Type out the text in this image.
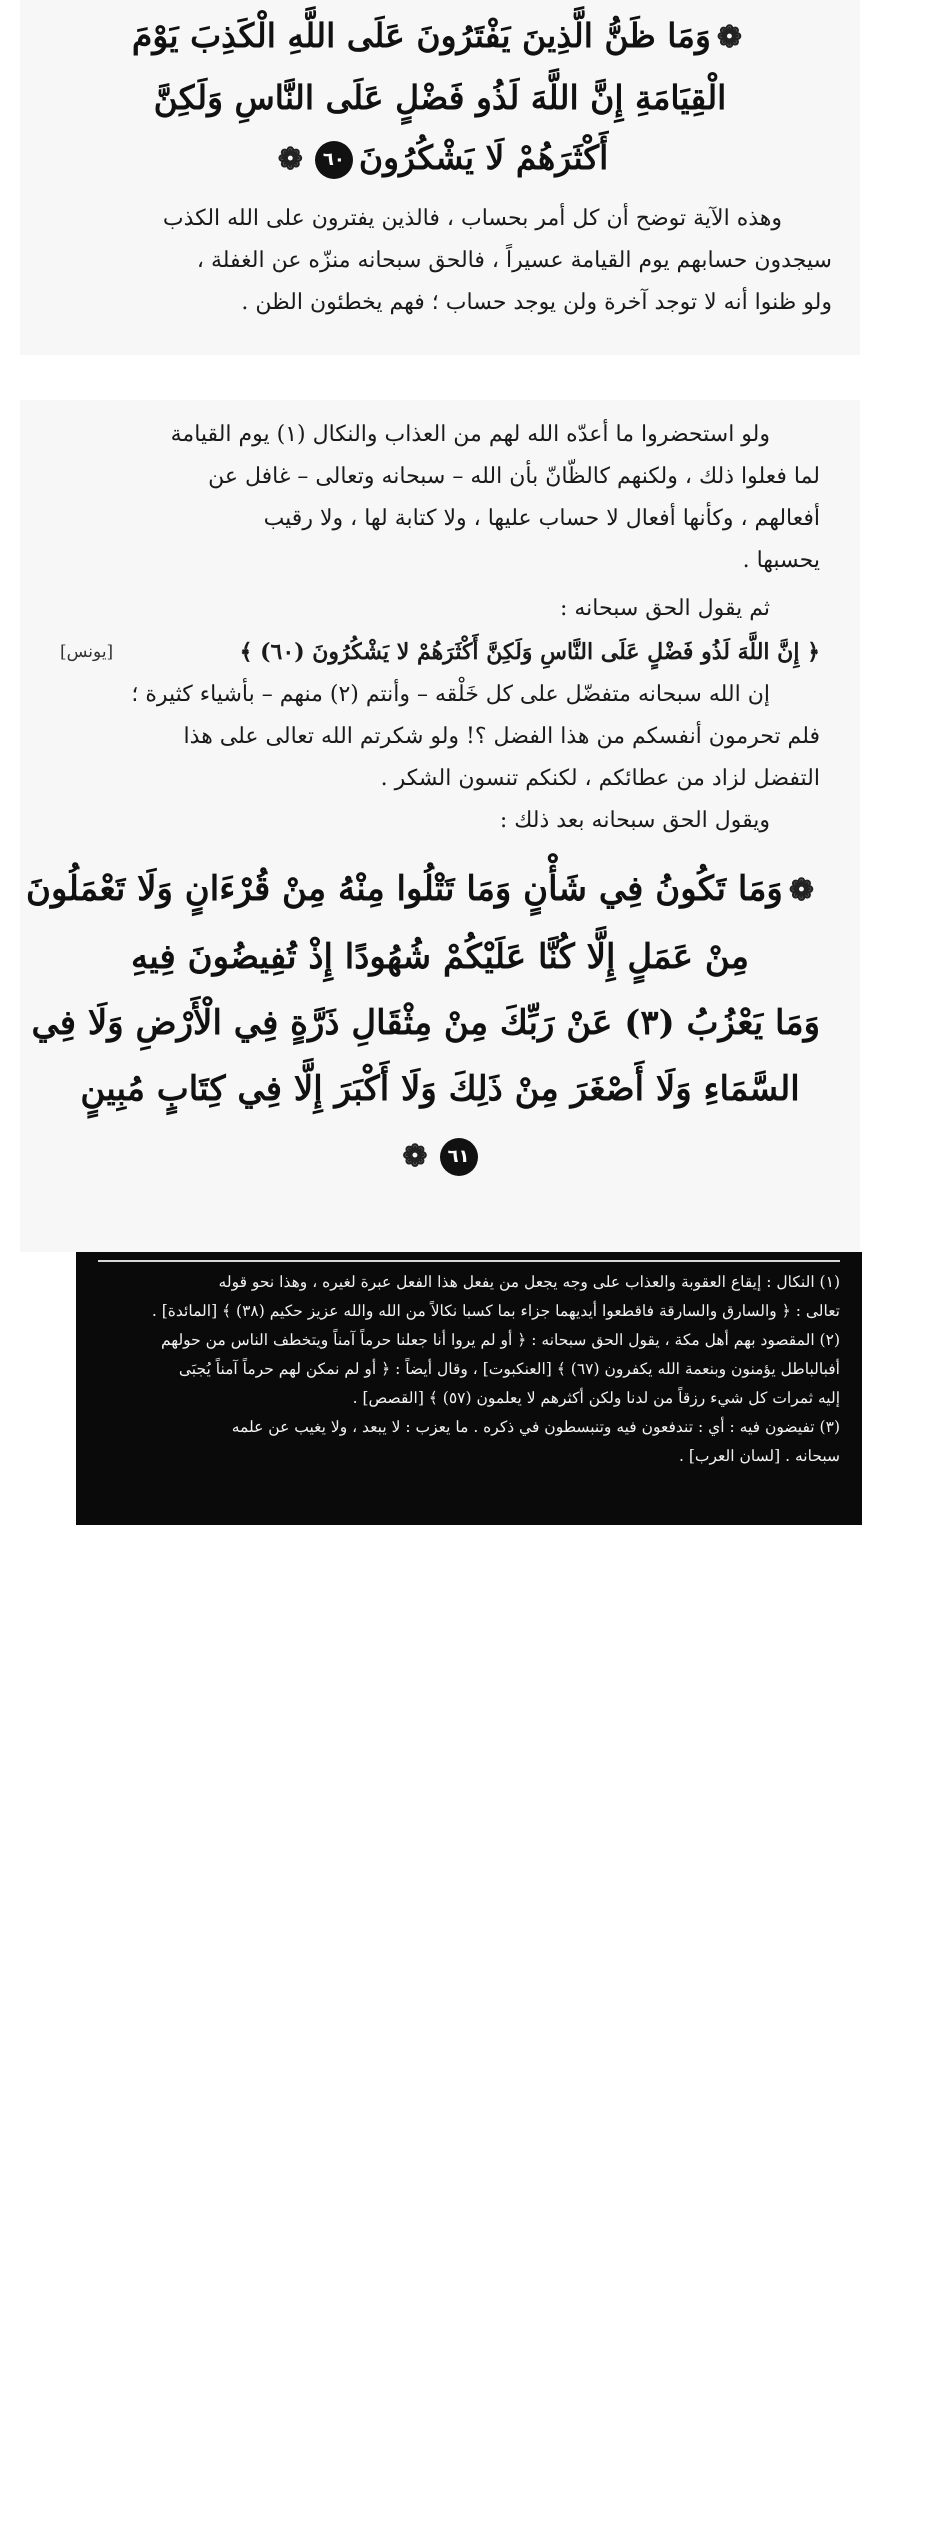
❁وَمَا ظَنُّ الَّذِينَ يَفْتَرُونَ عَلَى اللَّهِ الْكَذِبَ يَوْمَ
الْقِيَامَةِ إِنَّ اللَّهَ لَذُو فَضْلٍ عَلَى النَّاسِ وَلَكِنَّ
أَكْثَرَهُمْ لَا يَشْكُرُونَ٦٠❁
وهذه الآية توضح أن كل أمر بحساب ، فالذين يفترون على الله الكذب
سيجدون حسابهم يوم القيامة عسيراً ، فالحق سبحانه منزّه عن الغفلة ،
ولو ظنوا أنه لا توجد آخرة ولن يوجد حساب ؛ فهم يخطئون الظن .
ولو استحضروا ما أعدّه الله لهم من العذاب والنكال (١) يوم القيامة
لما فعلوا ذلك ، ولكنهم كالظّانّ بأن الله – سبحانه وتعالى – غافل عن
أفعالهم ، وكأنها أفعال لا حساب عليها ، ولا كتابة لها ، ولا رقيب
يحسبها .
ثم يقول الحق سبحانه :
﴿ إِنَّ اللَّهَ لَذُو فَضْلٍ عَلَى النَّاسِ وَلَكِنَّ أَكْثَرَهُمْ لا يَشْكُرُونَ (٦٠) ﴾
[يونس]
إن الله سبحانه متفضّل على كل خَلْقه – وأنتم (٢) منهم – بأشياء كثيرة ؛
فلم تحرمون أنفسكم من هذا الفضل ؟! ولو شكرتم الله تعالى على هذا
التفضل لزاد من عطائكم ، لكنكم تنسون الشكر .
ويقول الحق سبحانه بعد ذلك :
❁وَمَا تَكُونُ فِي شَأْنٍ وَمَا تَتْلُوا مِنْهُ مِنْ قُرْءَانٍ وَلَا تَعْمَلُونَ
مِنْ عَمَلٍ إِلَّا كُنَّا عَلَيْكُمْ شُهُودًا إِذْ تُفِيضُونَ فِيهِ
وَمَا يَعْزُبُ (٣) عَنْ رَبِّكَ مِنْ مِثْقَالِ ذَرَّةٍ فِي الْأَرْضِ وَلَا فِي
السَّمَاءِ وَلَا أَصْغَرَ مِنْ ذَلِكَ وَلَا أَكْبَرَ إِلَّا فِي كِتَابٍ مُبِينٍ
٦١❁
(١) النكال : إيقاع العقوبة والعذاب على وجه يجعل من يفعل هذا الفعل عبرة لغيره ، وهذا نحو قوله
تعالى : ﴿ والسارق والسارقة فاقطعوا أيديهما جزاء بما كسبا نكالاً من الله والله عزيز حكيم (٣٨) ﴾ [المائدة] .
(٢) المقصود بهم أهل مكة ، يقول الحق سبحانه : ﴿ أو لم يروا أنا جعلنا حرماً آمناً ويتخطف الناس من حولهم
أفبالباطل يؤمنون وبنعمة الله يكفرون (٦٧) ﴾ [العنكبوت] ، وقال أيضاً : ﴿ أو لم نمكن لهم حرماً آمناً يُجبَى
إليه ثمرات كل شيء رزقاً من لدنا ولكن أكثرهم لا يعلمون (٥٧) ﴾ [القصص] .
(٣) تفيضون فيه : أي : تندفعون فيه وتنبسطون في ذكره . ما يعزب : لا يبعد ، ولا يغيب عن علمه
سبحانه . [لسان العرب] .
